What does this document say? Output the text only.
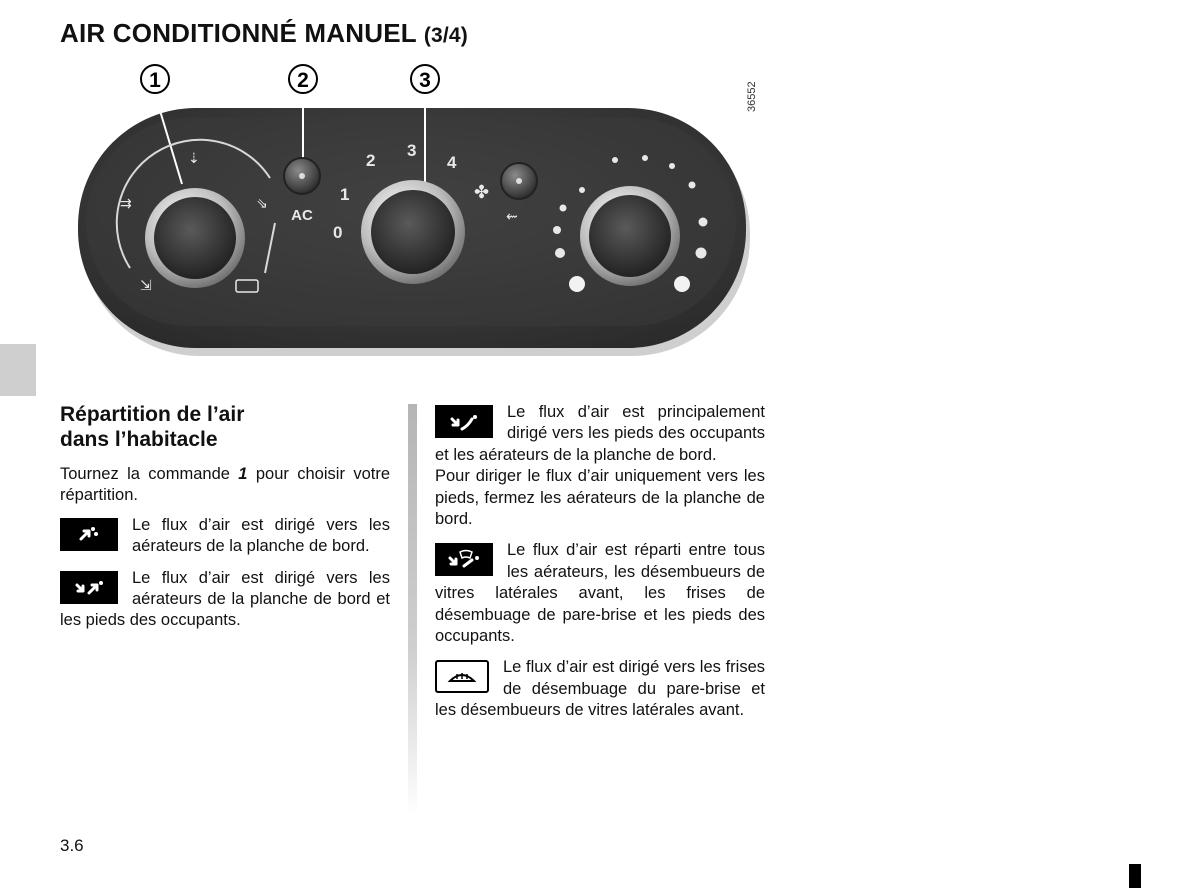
AIR CONDITIONNÉ MANUEL (3/4)
36552
1	2	3
⇲
⇉
⇣
⇘
AC
0
1
2
3
4
✤
⇜
Répartition de l’air
dans l’habitacle

Tournez la commande 1 pour choisir votre répartition.

Le flux d’air est dirigé vers les aérateurs de la planche de bord.
Le flux d’air est dirigé vers les aérateurs de la planche de bord et les pieds des occupants.
Le flux d’air est principalement dirigé vers les pieds des occupants et les aérateurs de la planche de bord.

Pour diriger le flux d’air uniquement vers les pieds, fermez les aérateurs de la planche de bord.

Le flux d’air est réparti entre tous les aérateurs, les désembueurs de vitres latérales avant, les frises de désembuage de pare-brise et les pieds des occupants.
Le flux d’air est dirigé vers les frises de désembuage du pare-brise et les désembueurs de vitres latérales avant.
3.6
